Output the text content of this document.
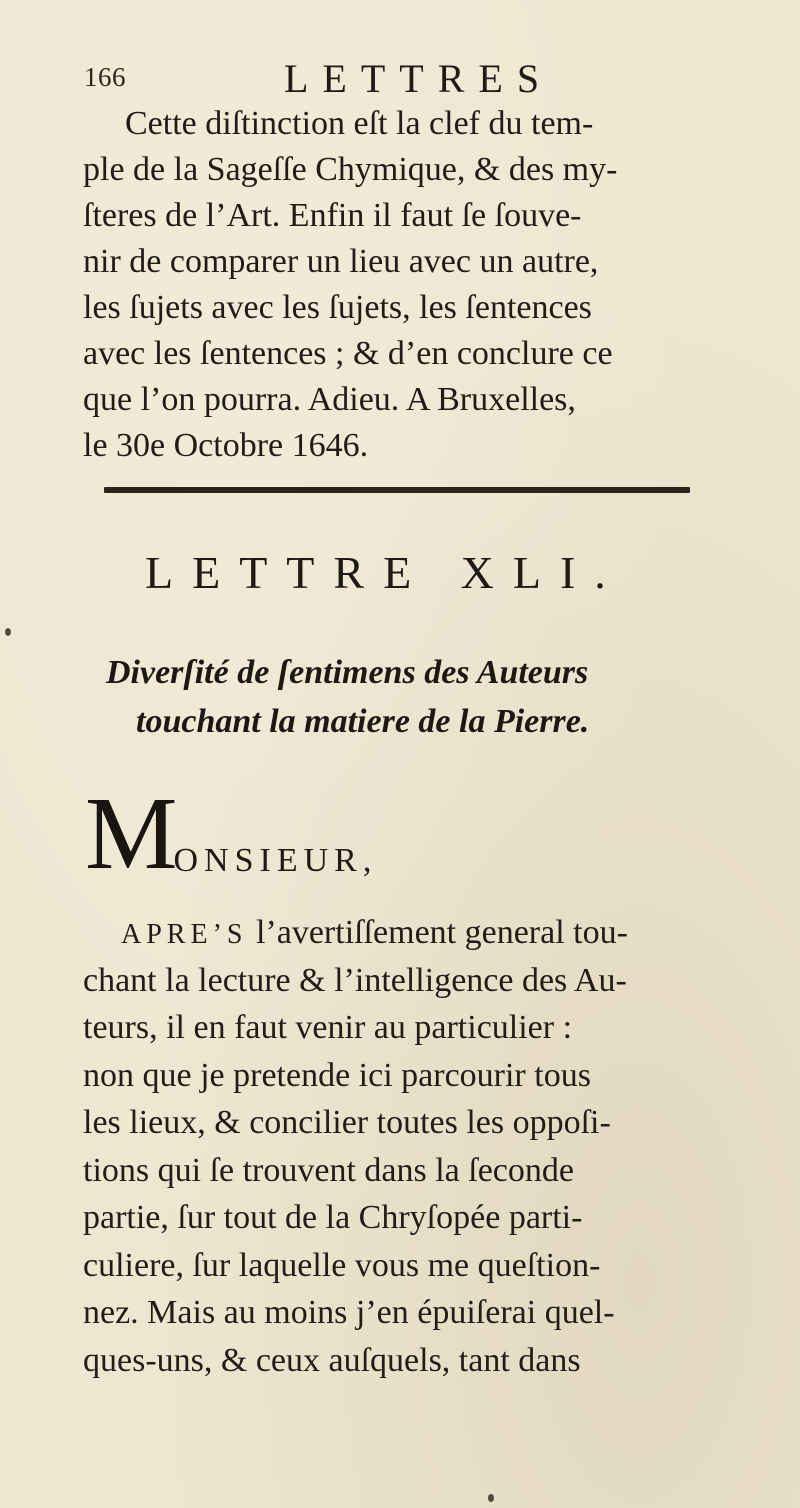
166	LETTRES
Cette diſtinction eſt la clef du tem-
ple de la Sageſſe Chymique, & des my-
ſteres de l’Art. Enfin il faut ſe ſouve-
nir de comparer un lieu avec un autre,
les ſujets avec les ſujets, les ſentences
avec les ſentences ; & d’en conclure ce
que l’on pourra. Adieu. A Bruxelles,
le 30e Octobre 1646.
LETTRE XLI.
Diverſité de ſentimens des Auteurs
touchant la matiere de la Pierre.
MONSIEUR,
APRE’S l’avertiſſement general tou-
chant la lecture & l’intelligence des Au-
teurs, il en faut venir au particulier :
non que je pretende ici parcourir tous
les lieux, & concilier toutes les oppoſi-
tions qui ſe trouvent dans la ſeconde
partie, ſur tout de la Chryſopée parti-
culiere, ſur laquelle vous me queſtion-
nez. Mais au moins j’en épuiſerai quel-
ques-uns, & ceux auſquels, tant dans
